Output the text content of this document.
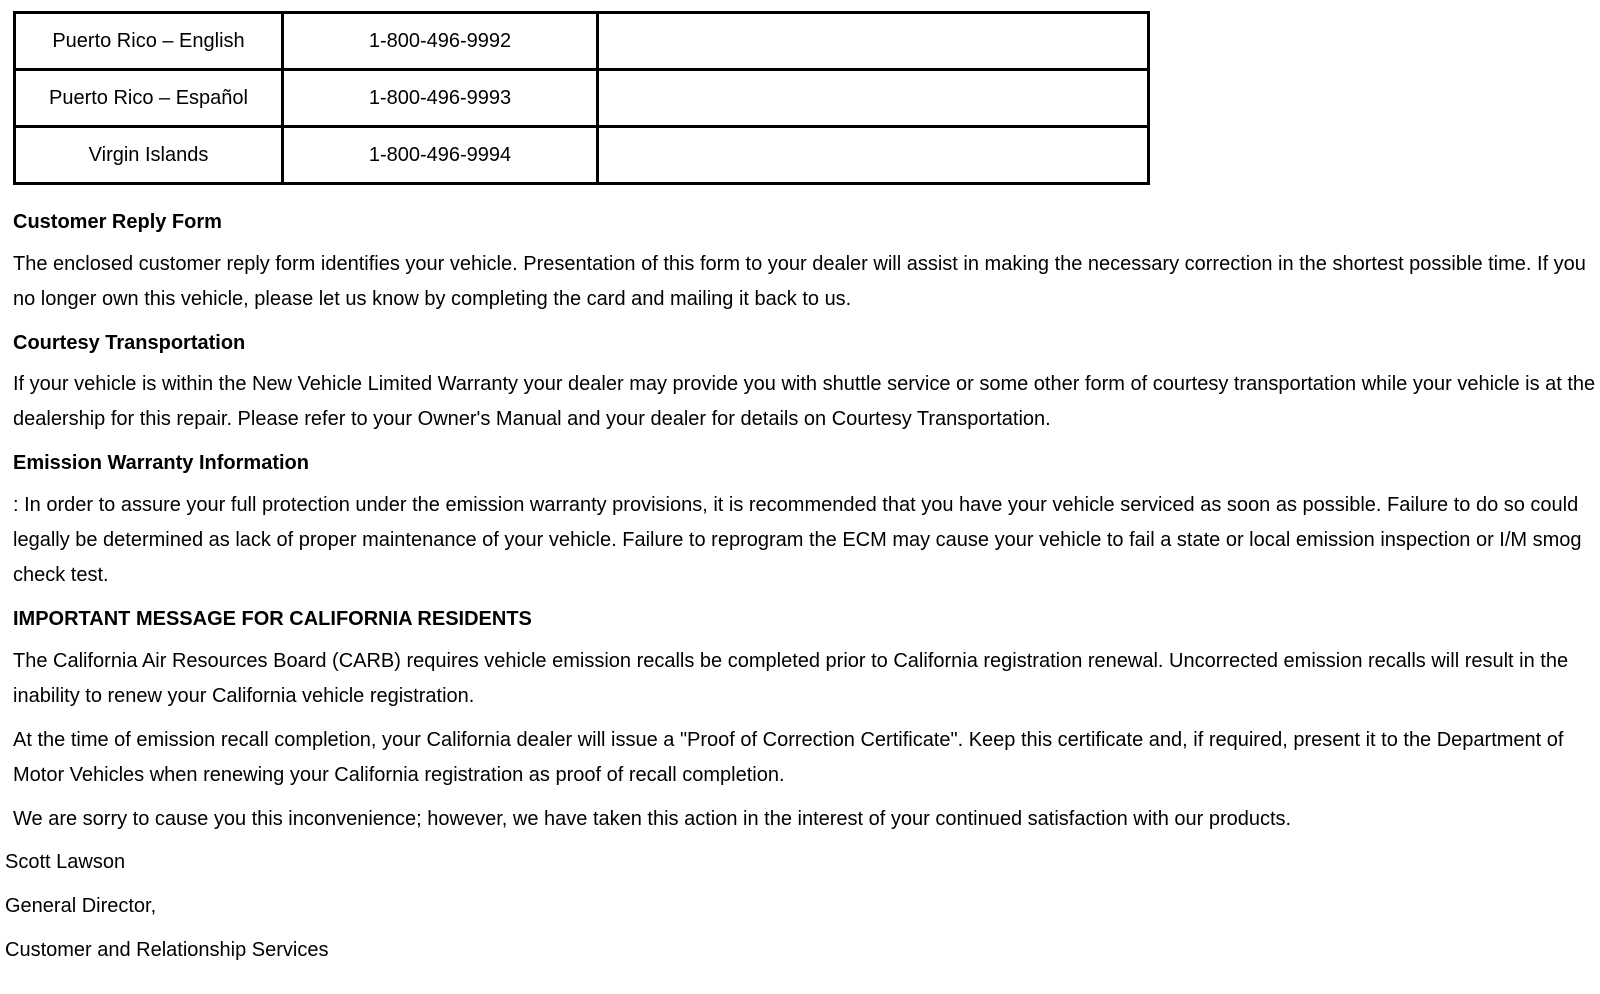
Puerto Rico – English	1-800-496-9992	
Puerto Rico – Español	1-800-496-9993	
Virgin Islands	1-800-496-9994	
Customer Reply Form

The enclosed customer reply form identifies your vehicle. Presentation of this form to your dealer will assist in making the necessary correction in the shortest possible time. If you no longer own this vehicle, please let us know by completing the card and mailing it back to us.

Courtesy Transportation

If your vehicle is within the New Vehicle Limited Warranty your dealer may provide you with shuttle service or some other form of courtesy transportation while your vehicle is at the dealership for this repair. Please refer to your Owner's Manual and your dealer for details on Courtesy Transportation.

Emission Warranty Information

: In order to assure your full protection under the emission warranty provisions, it is recommended that you have your vehicle serviced as soon as possible. Failure to do so could legally be determined as lack of proper maintenance of your vehicle. Failure to reprogram the ECM may cause your vehicle to fail a state or local emission inspection or I/M smog check test.

IMPORTANT MESSAGE FOR CALIFORNIA RESIDENTS

The California Air Resources Board (CARB) requires vehicle emission recalls be completed prior to California registration renewal. Uncorrected emission recalls will result in the inability to renew your California vehicle registration.

At the time of emission recall completion, your California dealer will issue a "Proof of Correction Certificate". Keep this certificate and, if required, present it to the Department of Motor Vehicles when renewing your California registration as proof of recall completion.

We are sorry to cause you this inconvenience; however, we have taken this action in the interest of your continued satisfaction with our products.

Scott Lawson
General Director,
Customer and Relationship Services
